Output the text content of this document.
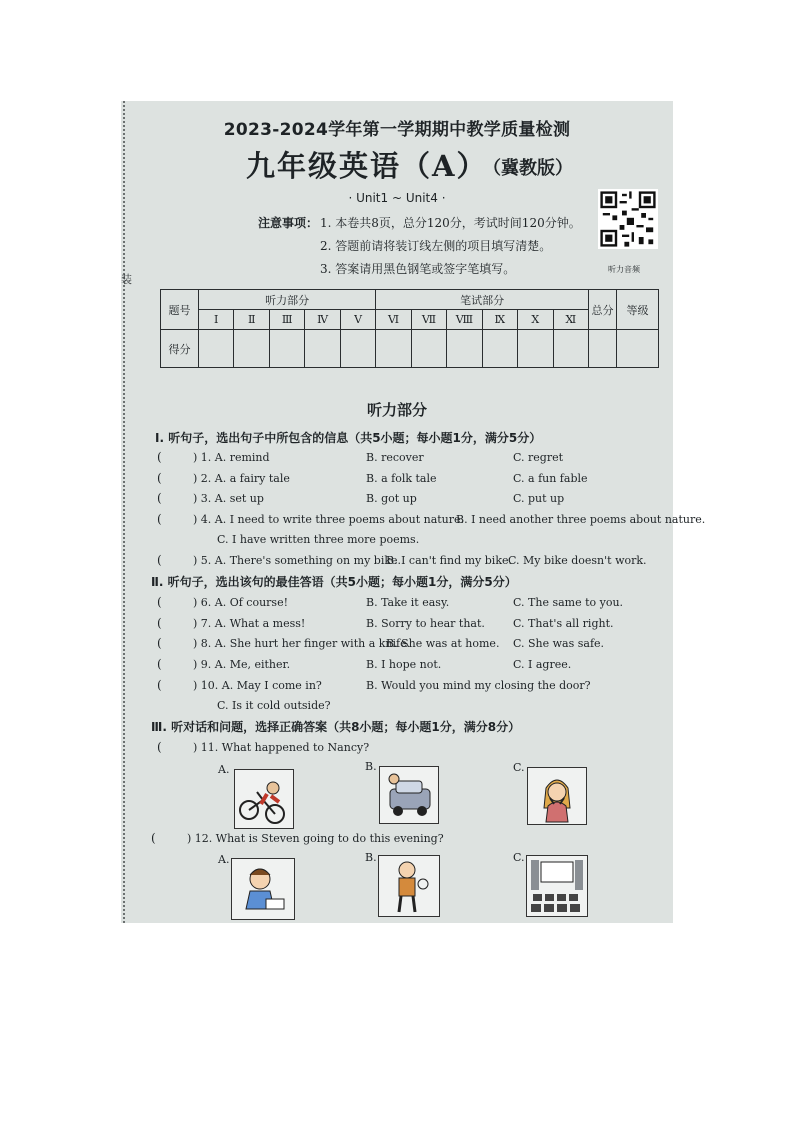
装
2023-2024学年第一学期期中教学质量检测
九年级英语（A）
（冀教版）
· Unit1 ~ Unit4 ·
注意事项： 1. 本卷共8页，总分120分，考试时间120分钟。
2. 答题前请将装订线左侧的项目填写清楚。
3. 答案请用黑色钢笔或签字笔填写。	听力音频
题号	听力部分					笔试部分						总分	等级
	Ⅰ	Ⅱ	Ⅲ	Ⅳ	Ⅴ	Ⅵ	Ⅶ	Ⅷ	Ⅸ	Ⅹ	Ⅺ		
得分													
听力部分
Ⅰ. 听句子，选出句子中所包含的信息（共5小题；每小题1分，满分5分）
(	) 1. A. remind	B. recover	C. regret
(	) 2. A. a fairy tale	B. a folk tale	C. a fun fable
(	) 3. A. set up	B. got up	C. put up
(	) 4. A. I need to write three poems about nature.
B. I need another three poems about nature.
C. I have written three more poems.
(	) 5. A. There's something on my bike.
B. I can't find my bike.
C. My bike doesn't work.
Ⅱ. 听句子，选出该句的最佳答语（共5小题；每小题1分，满分5分）
(	) 6. A. Of course!	B. Take it easy.	C. The same to you.
(	) 7. A. What a mess!	B. Sorry to hear that.	C. That's all right.
(	) 8. A. She hurt her finger with a knife.
B. She was at home. C. She was safe.
(	) 9. A. Me, either.	B. I hope not.	C. I agree.
(	) 10. A. May I come in?	B. Would you mind my closing the door?
C. Is it cold outside?
Ⅲ. 听对话和问题，选择正确答案（共8小题；每小题1分，满分8分）
(	) 11. What happened to Nancy?
A.	B.	C.
(	) 12. What is Steven going to do this evening?
A.	B.	C.
